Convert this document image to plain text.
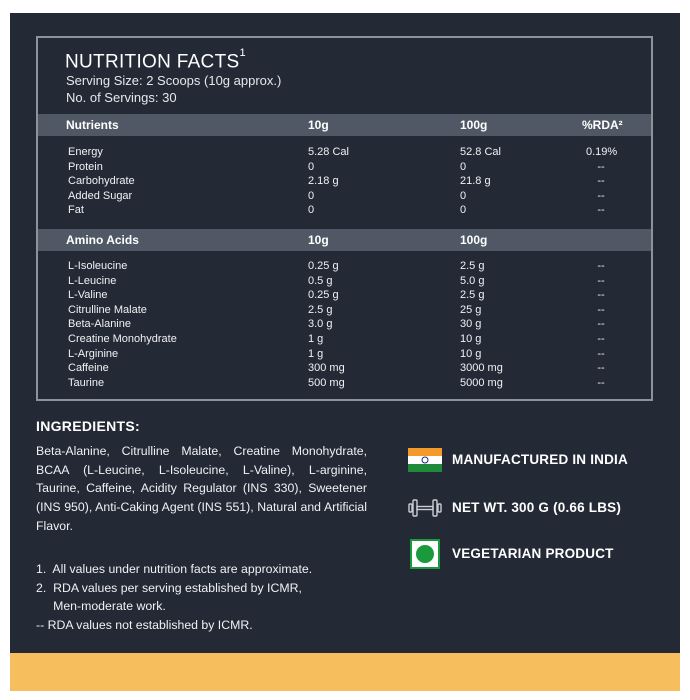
NUTRITION FACTS$^1$
Serving Size: 2 Scoops (10g approx.)
No. of Servings: 30
Nutrients	10g	100g	%RDA²
Energy	5.28 Cal	52.8 Cal	0.19%
Protein	0	0	--
Carbohydrate	2.18 g	21.8 g	--
Added Sugar	0	0	--
Fat	0	0	--
Amino Acids	10g	100g
L-Isoleucine	0.25 g	2.5 g	--
L-Leucine	0.5 g	5.0 g	--
L-Valine	0.25 g	2.5 g	--
Citrulline Malate	2.5 g	25 g	--
Beta-Alanine	3.0 g	30 g	--
Creatine Monohydrate	1 g	10 g	--
L-Arginine	1 g	10 g	--
Caffeine	300 mg	3000 mg	--
Taurine	500 mg	5000 mg	--
INGREDIENTS:
Beta-Alanine, Citrulline Malate, Creatine Monohydrate, BCAA (L-Leucine, L-Isoleucine, L-Valine), L-arginine, Taurine, Caffeine, Acidity Regulator (INS 330), Sweetener (INS 950), Anti-Caking Agent (INS 551), Natural and Artificial Flavor.
1.  All values under nutrition facts are approximate.
2.  RDA values per serving established by ICMR,
Men-moderate work.
-- RDA values not established by ICMR.
MANUFACTURED IN INDIA
NET WT. 300 G (0.66 LBS)
VEGETARIAN PRODUCT
